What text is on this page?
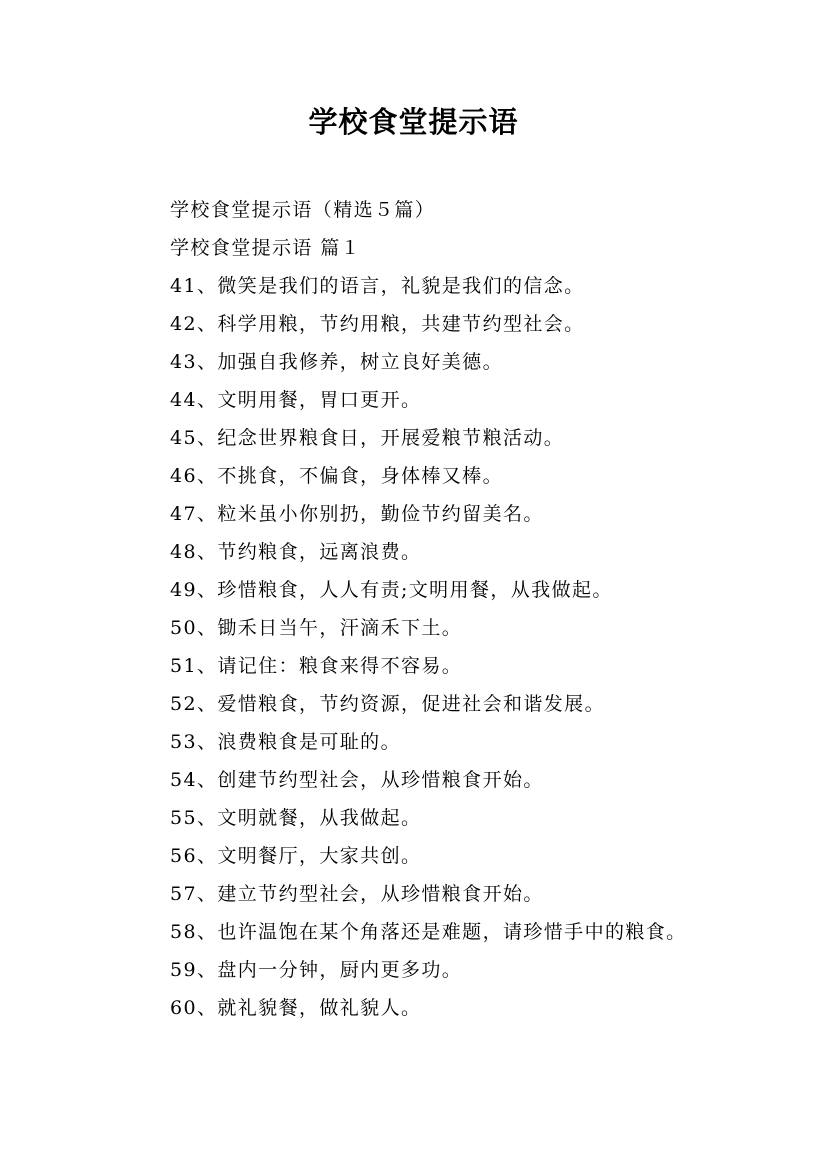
学校食堂提示语
学校食堂提示语（精选５篇）
学校食堂提示语 篇１
41、微笑是我们的语言，礼貌是我们的信念。
42、科学用粮，节约用粮，共建节约型社会。
43、加强自我修养，树立良好美德。
44、文明用餐，胃口更开。
45、纪念世界粮食日，开展爱粮节粮活动。
46、不挑食，不偏食，身体棒又棒。
47、粒米虽小你别扔，勤俭节约留美名。
48、节约粮食，远离浪费。
49、珍惜粮食，人人有责;文明用餐，从我做起。
50、锄禾日当午，汗滴禾下土。
51、请记住：粮食来得不容易。
52、爱惜粮食，节约资源，促进社会和谐发展。
53、浪费粮食是可耻的。
54、创建节约型社会，从珍惜粮食开始。
55、文明就餐，从我做起。
56、文明餐厅，大家共创。
57、建立节约型社会，从珍惜粮食开始。
58、也许温饱在某个角落还是难题，请珍惜手中的粮食。
59、盘内一分钟，厨内更多功。
60、就礼貌餐，做礼貌人。
